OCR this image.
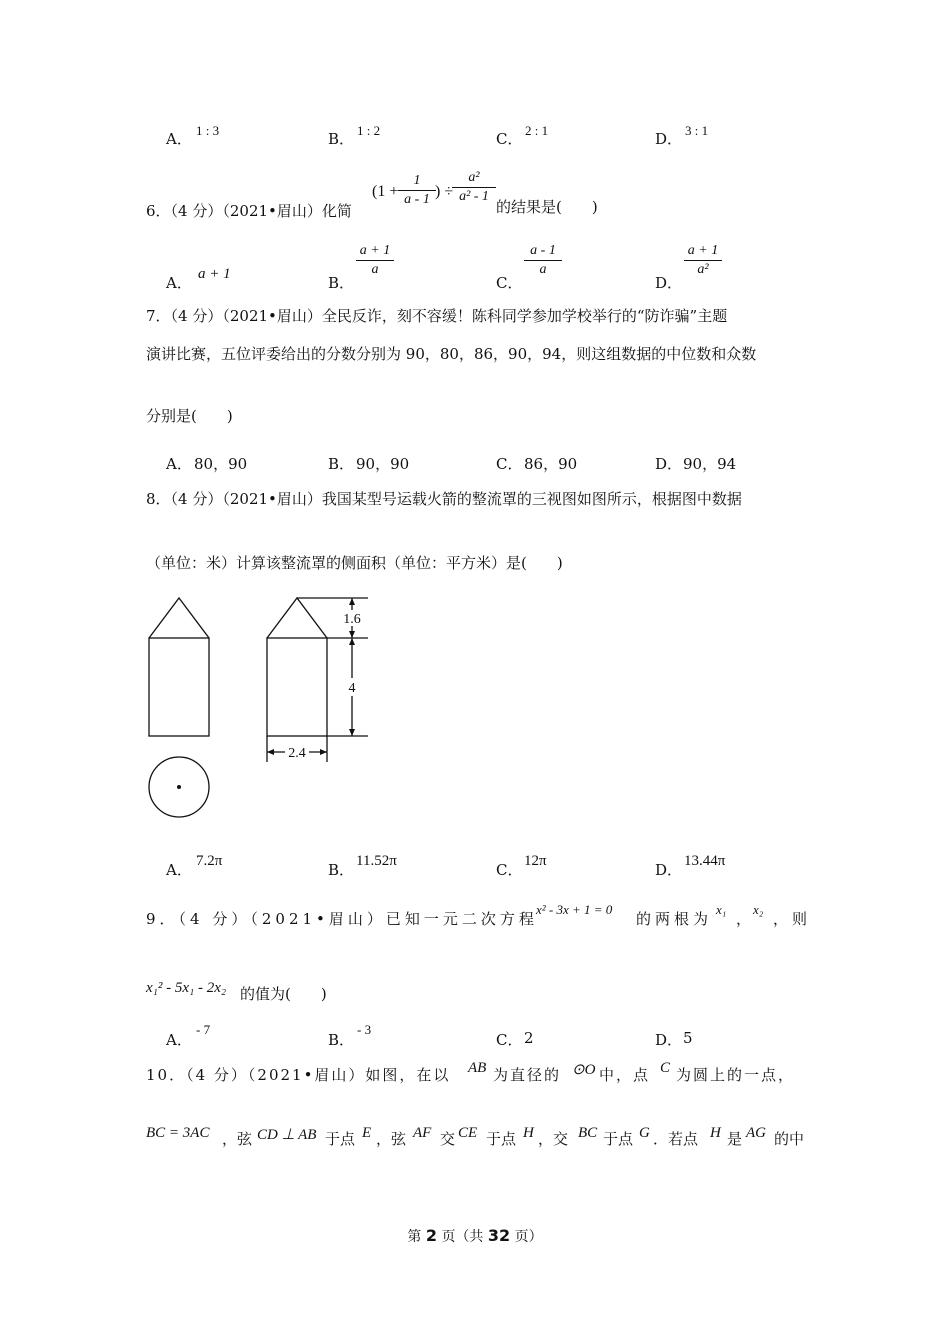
A． 1 : 3	B． 1 : 2	C． 2 : 1	D． 3 : 1
6．（4 分）（2021•眉山）化简
(1 +
1
a - 1 ) ÷
a²
a² - 1
的结果是(　　)
A． a + 1	B．
a + 1
a
C．
a - 1
a
D．
a + 1
a²
7．（4 分）（2021•眉山）全民反诈，刻不容缓！陈科同学参加学校举行的“防诈骗”主题
演讲比赛，五位评委给出的分数分别为 90，80，86，90，94，则这组数据的中位数和众数
分别是(　　)
A． 80，90	B． 90，90	C． 86，90	D． 90，94
8．（4 分）（2021•眉山）我国某型号运载火箭的整流罩的三视图如图所示，根据图中数据
（单位：米）计算该整流罩的侧面积（单位：平方米）是(　　)
1.6
4
2.4
A． 7.2π	B． 11.52π	C． 12π	D． 13.44π
9．（4 分）（2021•眉山）已知一元二次方程
x² - 3x + 1 = 0
的两根为
x₁
，
x₂
，则
x₁² - 5x₁ - 2x₂ 的值为(　　)
A．
- 7
B．
- 3
C． 2	D． 5
10．（4 分）（2021•眉山）如图，在以 AB 为直径的 ⊙O 中，点 C 为圆上的一点，
BC = 3AC ，弦 CD ⊥ AB 于点 E ，弦 AF 交 CE 于点 H ，交 BC 于点 G ．若点 H 是 AG 的中
第 2 页（共 32 页）
